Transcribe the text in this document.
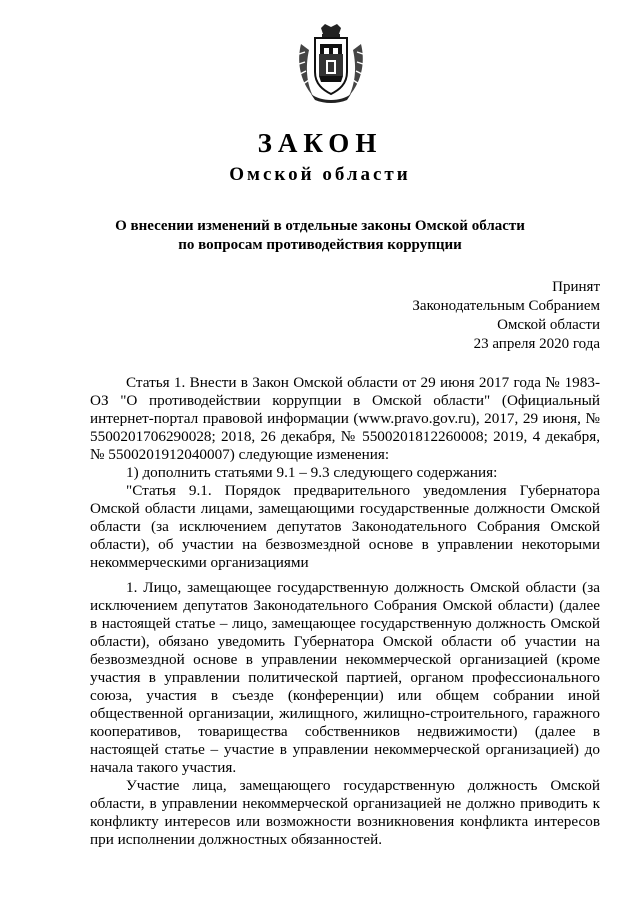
ЗАКОН
Омской области
О внесении изменений в отдельные законы Омской области
по вопросам противодействия коррупции
Принят
Законодательным Собранием
Омской области
23 апреля 2020 года

Статья 1. Внести в Закон Омской области от 29 июня 2017 года № 1983-ОЗ "О противодействии коррупции в Омской области" (Официальный интернет-портал правовой информации (www.pravo.gov.ru), 2017, 29 июня, № 5500201706290028; 2018, 26 декабря, № 5500201812260008; 2019, 4 декабря, № 5500201912040007) следующие изменения:

1) дополнить статьями 9.1 – 9.3 следующего содержания:

"Статья 9.1. Порядок предварительного уведомления Губернатора Омской области лицами, замещающими государственные должности Омской области (за исключением депутатов Законодательного Собрания Омской области), об участии на безвозмездной основе в управлении некоторыми некоммерческими организациями

1. Лицо, замещающее государственную должность Омской области (за исключением депутатов Законодательного Собрания Омской области) (далее в настоящей статье – лицо, замещающее государственную должность Омской области), обязано уведомить Губернатора Омской области об участии на безвозмездной основе в управлении некоммерческой организацией (кроме участия в управлении политической партией, органом профессионального союза, участия в съезде (конференции) или общем собрании иной общественной организации, жилищного, жилищно-строительного, гаражного кооперативов, товарищества собственников недвижимости) (далее в настоящей статье – участие в управлении некоммерческой организацией) до начала такого участия.

Участие лица, замещающего государственную должность Омской области, в управлении некоммерческой организацией не должно приводить к конфликту интересов или возможности возникновения конфликта интересов при исполнении должностных обязанностей.
